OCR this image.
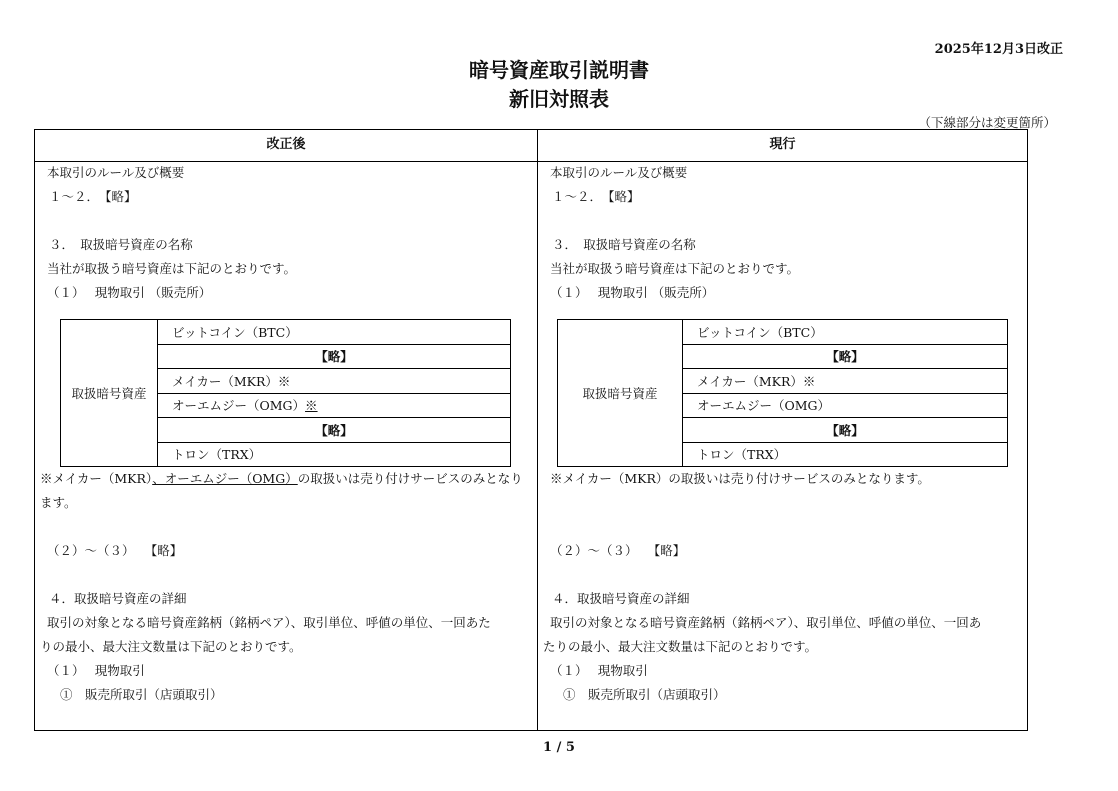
2025年12月3日改正
暗号資産取引説明書
新旧対照表
（下線部分は変更箇所）
改正後
本取引のルール及び概要
１～２．　【略】
３．　取扱暗号資産の名称
当社が取扱う暗号資産は下記のとおりです。
（１）　 現物取引 （販売所）
取扱暗号資産	ビットコイン（BTC）
【略】
メイカー（MKR）※
オーエムジー（OMG）※
【略】
トロン（TRX）
※メイカー（MKR）、オーエムジー（OMG）の取扱いは売り付けサービスのみとなり
ます。
（２）～（３）　 【略】
４．取扱暗号資産の詳細
取引の対象となる暗号資産銘柄（銘柄ペア）、取引単位、呼値の単位、一回あた
りの最小、最大注文数量は下記のとおりです。
（１）　 現物取引
①　販売所取引（店頭取引）
現行
本取引のルール及び概要
１～２．　【略】
３．　取扱暗号資産の名称
当社が取扱う暗号資産は下記のとおりです。
（１）　 現物取引 （販売所）
取扱暗号資産	ビットコイン（BTC）
【略】
メイカー（MKR）※
オーエムジー（OMG）
【略】
トロン（TRX）
※メイカー（MKR）の取扱いは売り付けサービスのみとなります。
（２）～（３）　 【略】
４．取扱暗号資産の詳細
取引の対象となる暗号資産銘柄（銘柄ペア）、取引単位、呼値の単位、一回あ
たりの最小、最大注文数量は下記のとおりです。
（１）　 現物取引
①　販売所取引（店頭取引）
1 / 5
